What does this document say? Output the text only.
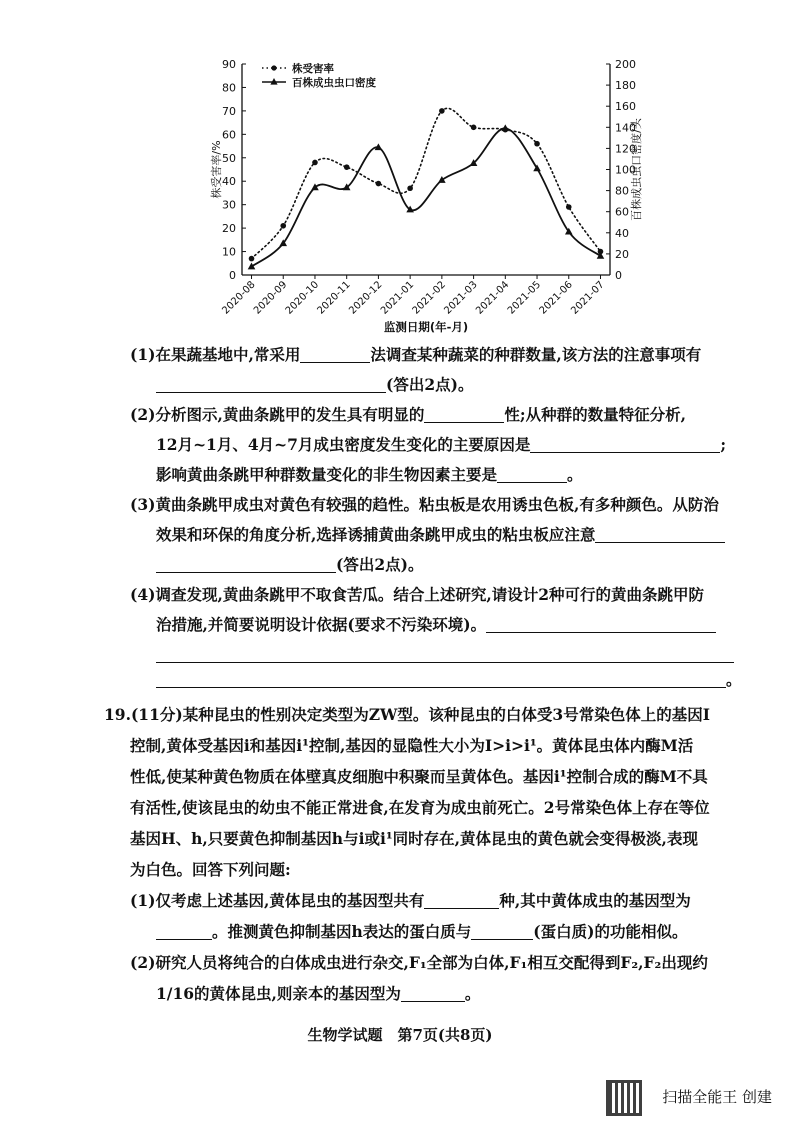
0
10
20
30
40
50
60
70
80
90
0
20
40
60
80
100
120
140
160
180
200
2020-08
2020-09
2020-10
2020-11
2020-12
2021-01
2021-02
2021-03
2021-04
2021-05
2021-06
2021-07
监测日期(年-月)
株受害率/%	百株成虫虫口密度/头
株受害率
百株成虫虫口密度
(1)在果蔬基地中,常采用	法调查某种蔬菜的种群数量,该方法的注意事项有
(答出2点)。
(2)分析图示,黄曲条跳甲的发生具有明显的	性;从种群的数量特征分析,
12月~1月、4月~7月成虫密度发生变化的主要原因是	;
影响黄曲条跳甲种群数量变化的非生物因素主要是	。
(3)黄曲条跳甲成虫对黄色有较强的趋性。粘虫板是农用诱虫色板,有多种颜色。从防治
效果和环保的角度分析,选择诱捕黄曲条跳甲成虫的粘虫板应注意
(答出2点)。
(4)调查发现,黄曲条跳甲不取食苦瓜。结合上述研究,请设计2种可行的黄曲条跳甲防
治措施,并简要说明设计依据(要求不污染环境)。
。
19.(11分)某种昆虫的性别决定类型为ZW型。该种昆虫的白体受3号常染色体上的基因I
控制,黄体受基因i和基因i¹控制,基因的显隐性大小为I>i>i¹。黄体昆虫体内酶M活
性低,使某种黄色物质在体壁真皮细胞中积聚而呈黄体色。基因i¹控制合成的酶M不具
有活性,使该昆虫的幼虫不能正常进食,在发育为成虫前死亡。2号常染色体上存在等位
基因H、h,只要黄色抑制基因h与i或i¹同时存在,黄体昆虫的黄色就会变得极淡,表现
为白色。回答下列问题:
(1)仅考虑上述基因,黄体昆虫的基因型共有	种,其中黄体成虫的基因型为
。推测黄色抑制基因h表达的蛋白质与	(蛋白质)的功能相似。
(2)研究人员将纯合的白体成虫进行杂交,F₁全部为白体,F₁相互交配得到F₂,F₂出现约
1/16的黄体昆虫,则亲本的基因型为	。
生物学试题　第7页(共8页)
扫描全能王 创建
